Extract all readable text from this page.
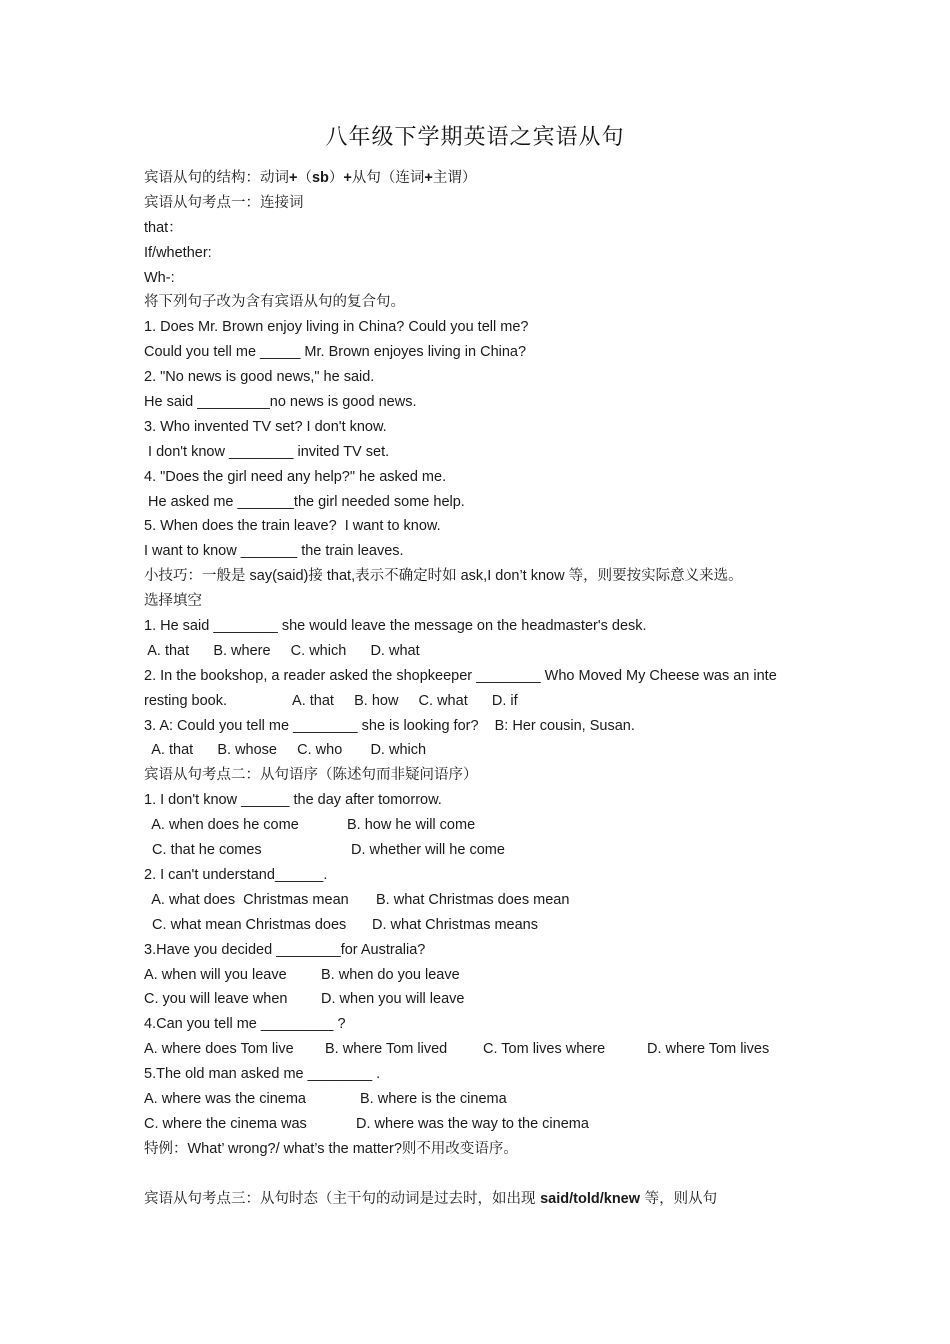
八年级下学期英语之宾语从句
宾语从句的结构：动词+（sb）+从句（连词+主谓）
宾语从句考点一：连接词
that：
If/whether:
Wh-:
将下列句子改为含有宾语从句的复合句。
1. Does Mr. Brown enjoy living in China? Could you tell me?
Could you tell me _____ Mr. Brown enjoyes living in China?
2. "No news is good news," he said.
He said _________no news is good news.
3. Who invented TV set? I don't know.
I don't know ________ invited TV set.
4. "Does the girl need any help?" he asked me.
He asked me _______the girl needed some help.
5. When does the train leave?  I want to know.
I want to know _______ the train leaves.
小技巧：一般是 say(said)接 that,表示不确定时如 ask,I don’t know 等，则要按实际意义来选。
选择填空
1. He said ________ she would leave the message on the headmaster's desk.
A. that      B. where     C. which      D. what
2. In the bookshop, a reader asked the shopkeeper ________ Who Moved My Cheese was an inte
resting book.	A. that     B. how     C. what      D. if
3. A: Could you tell me ________ she is looking for?    B: Her cousin, Susan.
A. that      B. whose     C. who       D. which
宾语从句考点二：从句语序（陈述句而非疑问语序）
1. I don't know ______ the day after tomorrow.
A. when does he come	B. how he will come
C. that he comes	D. whether will he come
2. I can't understand______.
A. what does  Christmas mean B. what Christmas does mean
C. what mean Christmas does D. what Christmas means
3.Have you decided ________for Australia?
A. when will you leave B. when do you leave
C. you will leave when D. when you will leave
4.Can you tell me _________ ?
A. where does Tom live B. where Tom lived C. Tom lives where	D. where Tom lives
5.The old man asked me ________ .
A. where was the cinema	B. where is the cinema
C. where the cinema was	D. where was the way to the cinema
特例：What’ wrong?/ what’s the matter?则不用改变语序。
宾语从句考点三：从句时态（主干句的动词是过去时，如出现 said/told/knew 等，则从句
